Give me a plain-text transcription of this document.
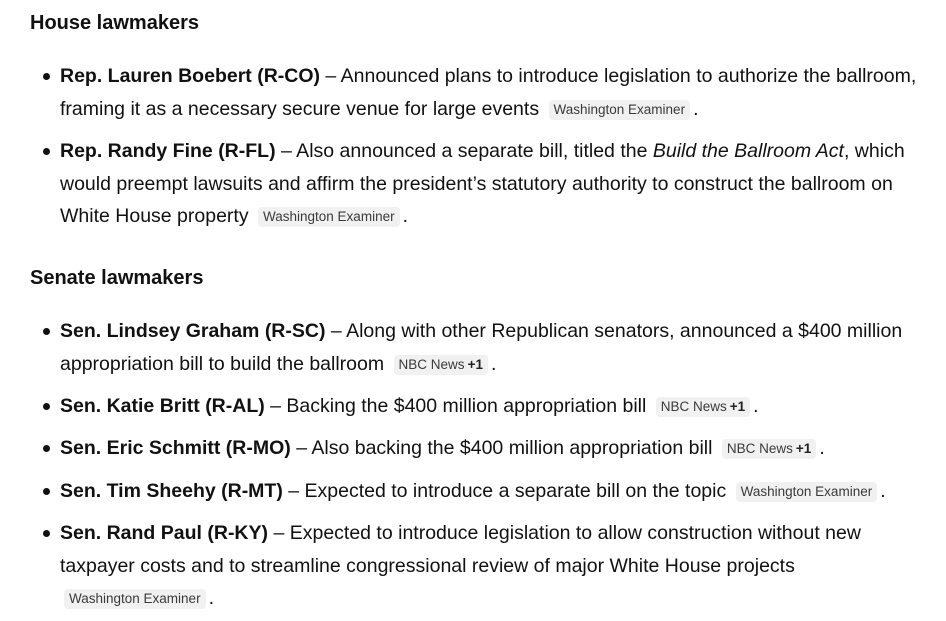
House lawmakers
Rep. Lauren Boebert (R-CO) – Announced plans to introduce legislation to authorize the ballroom, framing it as a necessary secure venue for large events Washington Examiner .
Rep. Randy Fine (R-FL) – Also announced a separate bill, titled the Build the Ballroom Act, which would preempt lawsuits and affirm the president’s statutory authority to construct the ballroom on White House property Washington Examiner .
Senate lawmakers
Sen. Lindsey Graham (R-SC) – Along with other Republican senators, announced a $400 million appropriation bill to build the ballroom NBC News +1 .
Sen. Katie Britt (R-AL) – Backing the $400 million appropriation bill NBC News +1 .
Sen. Eric Schmitt (R-MO) – Also backing the $400 million appropriation bill NBC News +1 .
Sen. Tim Sheehy (R-MT) – Expected to introduce a separate bill on the topic Washington Examiner .
Sen. Rand Paul (R-KY) – Expected to introduce legislation to allow construction without new taxpayer costs and to streamline congressional review of major White House projects Washington Examiner .
